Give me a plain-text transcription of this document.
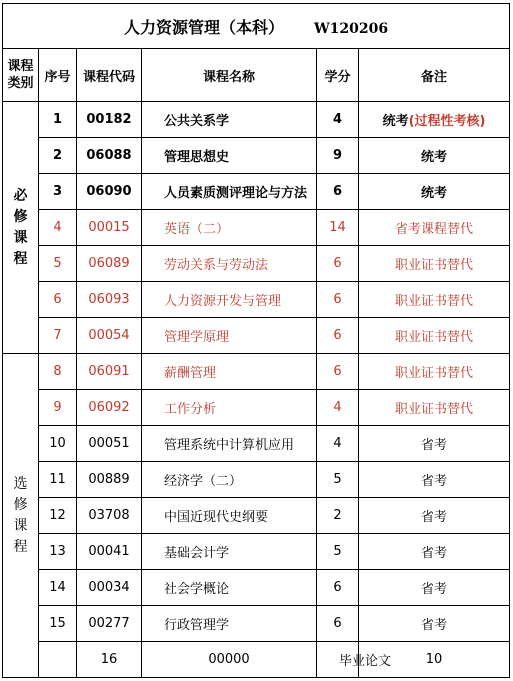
人力资源管理（本科） W120206						
课程类别	序号	课程代码	课程名称	学分	备注	
必修课程	1	00182	公共关系学	4	统考(过程性考核)	
	2	06088	管理思想史	9	统考	
	3	06090	人员素质测评理论与方法	6	统考	
	4	00015	英语（二）	14	省考课程替代	
	5	06089	劳动关系与劳动法	6	职业证书替代	
	6	06093	人力资源开发与管理	6	职业证书替代	
	7	00054	管理学原理	6	职业证书替代	
选修课程	8	06091	薪酬管理	6	职业证书替代	
	9	06092	工作分析	4	职业证书替代	
	10	00051	管理系统中计算机应用	4	省考	
	11	00889	经济学（二）	5	省考	
	12	03708	中国近现代史纲要	2	省考	
	13	00041	基础会计学	5	省考	
	14	00034	社会学概论	6	省考	
	15	00277	行政管理学	6	省考	
		16	00000	毕业论文	10	
